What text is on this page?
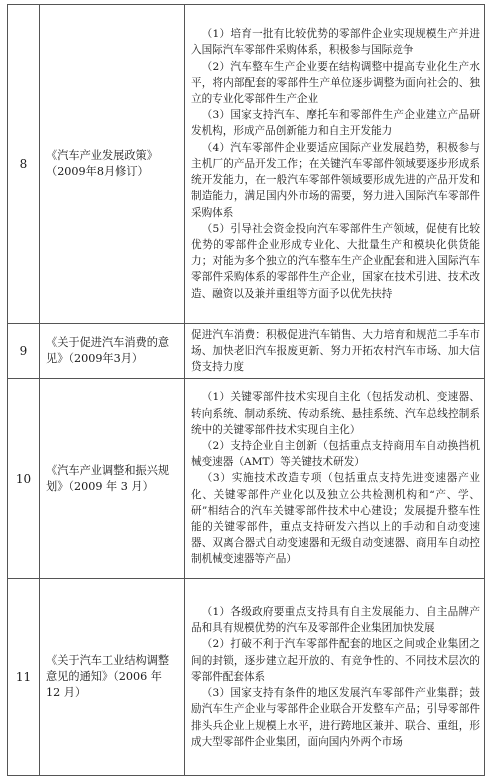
8	《汽车产业发展政策》（2009年8月修订）	（1）培育一批有比较优势的零部件企业实现规模生产并进入国际汽车零部件采购体系，积极参与国际竞争

（2）汽车整车生产企业要在结构调整中提高专业化生产水平，将内部配套的零部件生产单位逐步调整为面向社会的、独立的专业化零部件生产企业

（3）国家支持汽车、摩托车和零部件生产企业建立产品研发机构，形成产品创新能力和自主开发能力

（4）汽车零部件企业要适应国际产业发展趋势，积极参与主机厂的产品开发工作；在关键汽车零部件领域要逐步形成系统开发能力，在一般汽车零部件领域要形成先进的产品开发和制造能力，满足国内外市场的需要，努力进入国际汽车零部件采购体系

（5）引导社会资金投向汽车零部件生产领域，促使有比较优势的零部件企业形成专业化、大批量生产和模块化供货能力；对能为多个独立的汽车整车生产企业配套和进入国际汽车零部件采购体系的零部件生产企业，国家在技术引进、技术改造、融资以及兼并重组等方面予以优先扶持

9	《关于促进汽车消费的意见》（2009年3月）	促进汽车消费：积极促进汽车销售、大力培育和规范二手车市场、加快老旧汽车报废更新、努力开拓农村汽车市场、加大信贷支持力度

10	《汽车产业调整和振兴规划》（2009 年 3 月）	（1）关键零部件技术实现自主化（包括发动机、变速器、转向系统、制动系统、传动系统、悬挂系统、汽车总线控制系统中的关键零部件技术实现自主化）

（2）支持企业自主创新（包括重点支持商用车自动换挡机械变速器（AMT）等关键技术研发）

（3）实施技术改造专项（包括重点支持先进变速器产业化、关键零部件产业化以及独立公共检测机构和“产、学、研”相结合的汽车关键零部件技术中心建设；发展提升整车性能的关键零部件，重点支持研发六挡以上的手动和自动变速器、双离合器式自动变速器和无级自动变速器、商用车自动控制机械变速器等产品）

11	《关于汽车工业结构调整意见的通知》（2006 年 12 月）	（1）各级政府要重点支持具有自主发展能力、自主品牌产品和具有规模优势的汽车及零部件企业集团加快发展

（2）打破不利于汽车零部件配套的地区之间或企业集团之间的封锁，逐步建立起开放的、有竞争性的、不同技术层次的零部件配套体系

（3）国家支持有条件的地区发展汽车零部件产业集群；鼓励汽车生产企业与零部件企业联合开发整车产品；引导零部件排头兵企业上规模上水平，进行跨地区兼并、联合、重组，形成大型零部件企业集团，面向国内外两个市场
